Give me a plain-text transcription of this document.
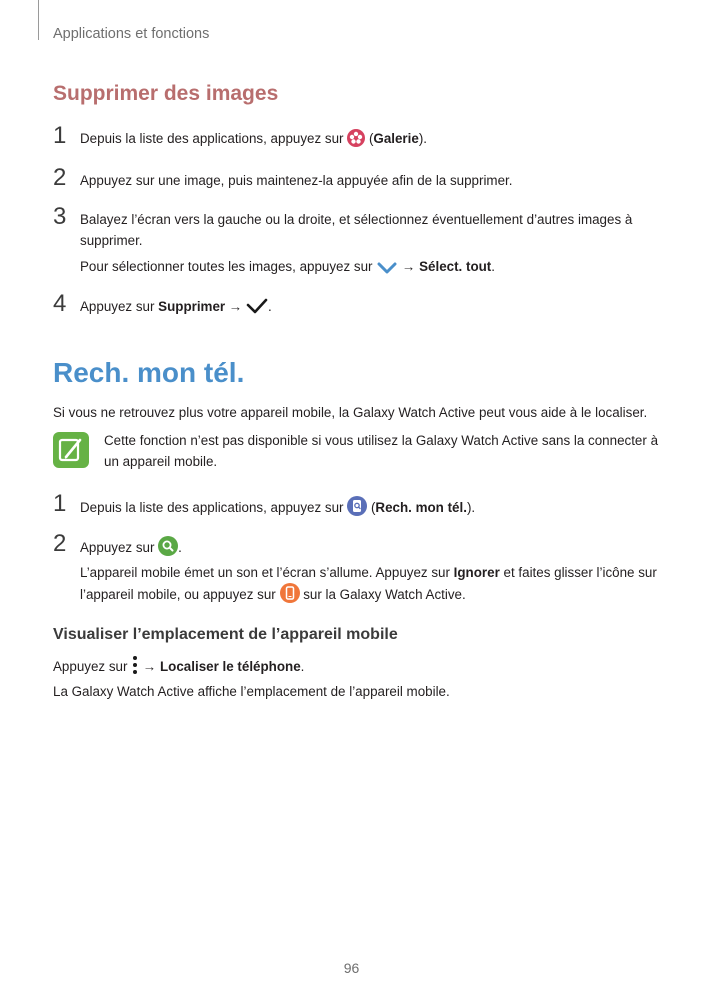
Applications et fonctions
Supprimer des images
1 Depuis la liste des applications, appuyez sur  (Galerie).
2 Appuyez sur une image, puis maintenez-la appuyée afin de la supprimer.
3 Balayez l’écran vers la gauche ou la droite, et sélectionnez éventuellement d’autres images à supprimer.
Pour sélectionner toutes les images, appuyez sur  → Sélect. tout.
4 Appuyez sur Supprimer → .
Rech. mon tél.
Si vous ne retrouvez plus votre appareil mobile, la Galaxy Watch Active peut vous aide à le localiser.
Cette fonction n’est pas disponible si vous utilisez la Galaxy Watch Active sans la connecter à un appareil mobile.
1 Depuis la liste des applications, appuyez sur  (Rech. mon tél.).
2 Appuyez sur .
L’appareil mobile émet un son et l’écran s’allume. Appuyez sur Ignorer et faites glisser l’icône sur l’appareil mobile, ou appuyez sur  sur la Galaxy Watch Active.
Visualiser l’emplacement de l’appareil mobile
Appuyez sur  → Localiser le téléphone.
La Galaxy Watch Active affiche l’emplacement de l’appareil mobile.
96
